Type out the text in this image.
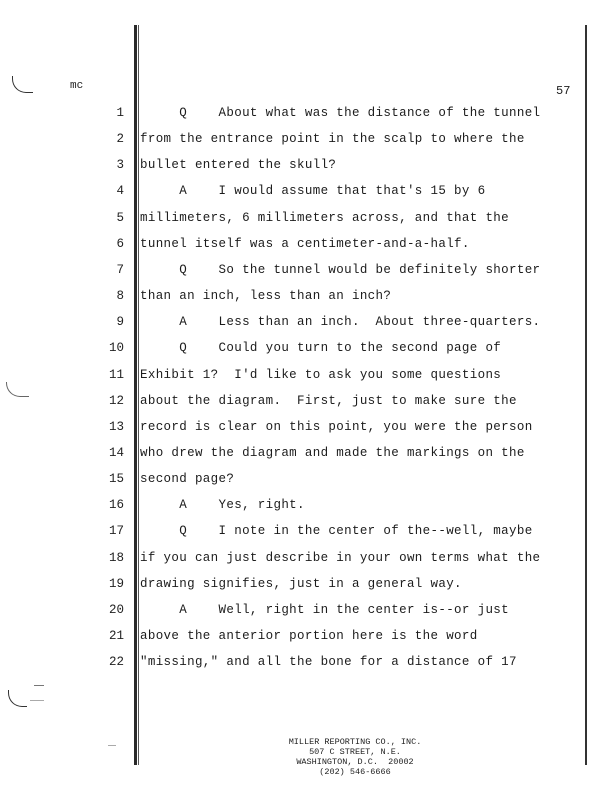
mc	57
1 Q    About what was the distance of the tunnel
2 from the entrance point in the scalp to where the
3 bullet entered the skull?
4 A    I would assume that that's 15 by 6
5 millimeters, 6 millimeters across, and that the
6 tunnel itself was a centimeter-and-a-half.
7 Q    So the tunnel would be definitely shorter
8 than an inch, less than an inch?
9 A    Less than an inch.  About three-quarters.
10 Q    Could you turn to the second page of
11 Exhibit 1?  I'd like to ask you some questions
12 about the diagram.  First, just to make sure the
13 record is clear on this point, you were the person
14 who drew the diagram and made the markings on the
15 second page?
16 A    Yes, right.
17 Q    I note in the center of the--well, maybe
18 if you can just describe in your own terms what the
19 drawing signifies, just in a general way.
20 A    Well, right in the center is--or just
21 above the anterior portion here is the word
22 "missing," and all the bone for a distance of 17
MILLER REPORTING CO., INC.
507 C STREET, N.E.
WASHINGTON, D.C.  20002
(202) 546-6666
